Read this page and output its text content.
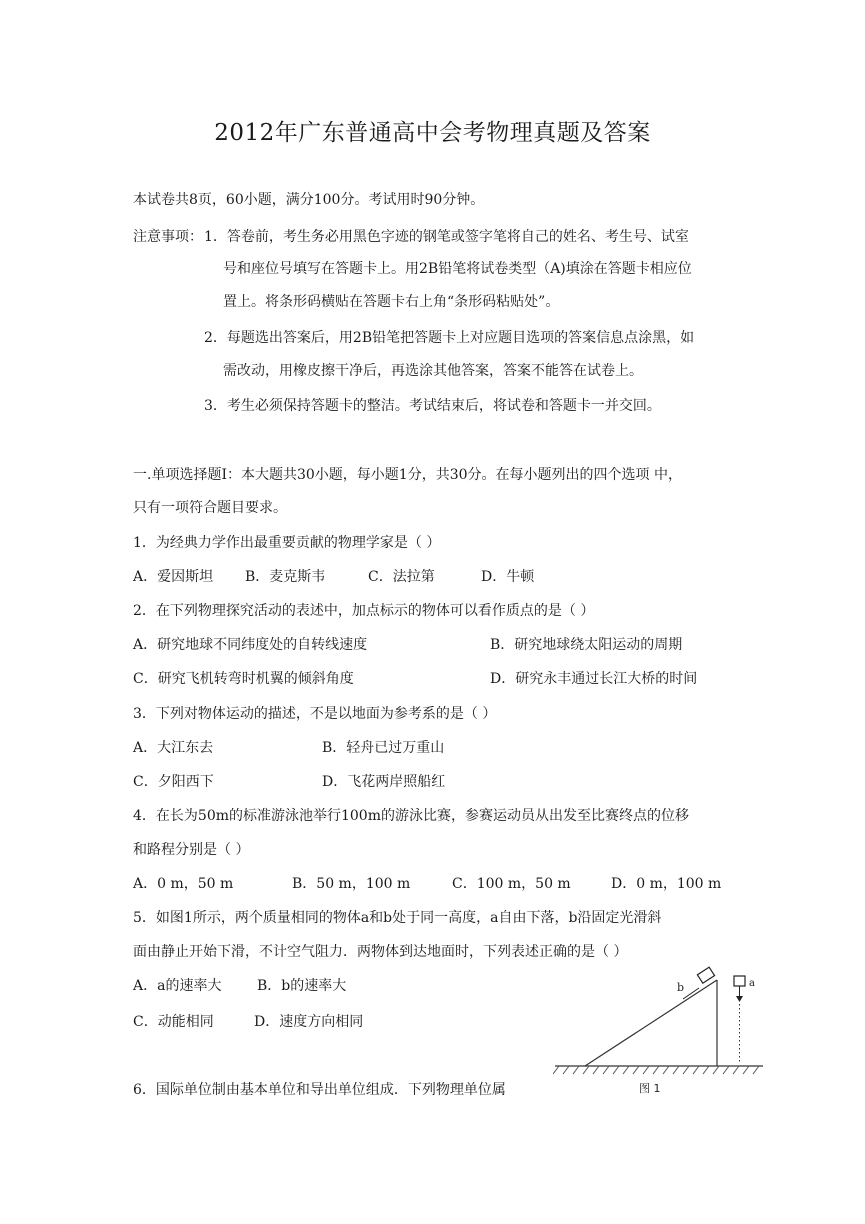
2012年广东普通高中会考物理真题及答案
本试卷共8页，60小题，满分100分。考试用时90分钟。
注意事项： 1．答卷前，考生务必用黑色字迹的钢笔或签字笔将自己的姓名、考生号、试室
号和座位号填写在答题卡上。用2B铅笔将试卷类型（A)填涂在答题卡相应位
置上。将条形码横贴在答题卡右上角“条形码粘贴处”。
2．每题选出答案后，用2B铅笔把答题卡上对应题目选项的答案信息点涂黑，如
需改动，用橡皮擦干净后，再选涂其他答案，答案不能答在试卷上。
3．考生必须保持答题卡的整洁。考试结束后，将试卷和答题卡一并交回。
一.单项选择题Ⅰ：本大题共30小题，每小题1分，共30分。在每小题列出的四个选项 中，
只有一项符合题目要求。
1．为经典力学作出最重要贡献的物理学家是（ ）
A．爱因斯坦 B．麦克斯韦	C．法拉第	D．牛顿
2．在下列物理探究活动的表述中，加点标示的物体可以看作质点的是（ ）
A．研究地球不同纬度处的自转线速度	B．研究地球绕太阳运动的周期
C．研究飞机转弯时机翼的倾斜角度	D．研究永丰通过长江大桥的时间
3．下列对物体运动的描述，不是以地面为参考系的是（ ）
A．大江东去	B．轻舟已过万重山
C．夕阳西下	D．飞花两岸照船红
4．在长为50m的标准游泳池举行100m的游泳比赛，参赛运动员从出发至比赛终点的位移
和路程分别是（ ）
A．0 m，50 m	B．50 m，100 m	C．100 m，50 m	D．0 m，100 m
5．如图1所示，两个质量相同的物体a和b处于同一高度，a自由下落，b沿固定光滑斜
面由静止开始下滑，不计空气阻力．两物体到达地面时，下列表述正确的是（ ）
A．a的速率大	B．b的速率大
C．动能相同	D．速度方向相同
b	a
图 1
6．国际单位制由基本单位和导出单位组成．下列物理单位属
